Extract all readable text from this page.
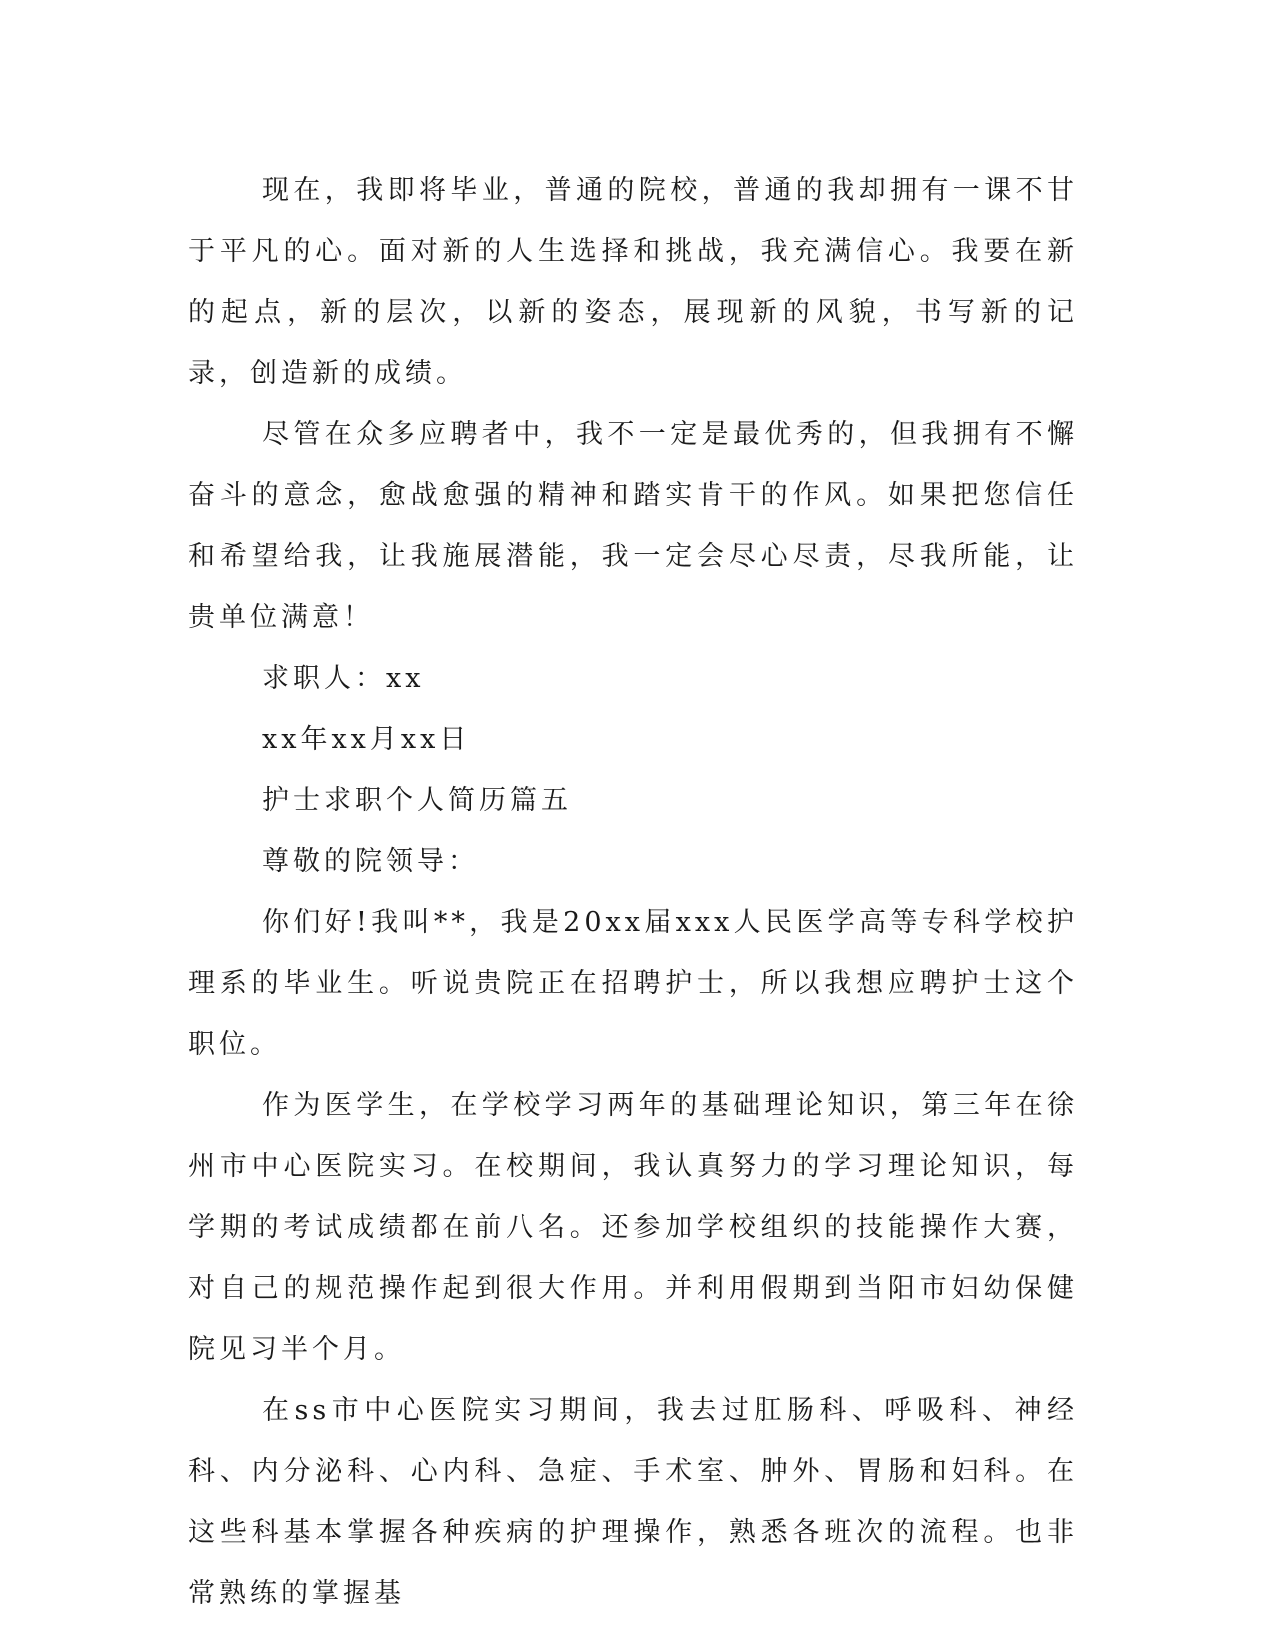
现在，我即将毕业，普通的院校，普通的我却拥有一课不甘于平凡的心。面对新的人生选择和挑战，我充满信心。我要在新的起点，新的层次，以新的姿态，展现新的风貌，书写新的记录，创造新的成绩。

尽管在众多应聘者中，我不一定是最优秀的，但我拥有不懈奋斗的意念，愈战愈强的精神和踏实肯干的作风。如果把您信任和希望给我，让我施展潜能，我一定会尽心尽责，尽我所能，让贵单位满意！

求职人：xx

xx年xx月xx日

护士求职个人简历篇五

尊敬的院领导：

你们好!我叫**，我是20xx届xxx人民医学高等专科学校护理系的毕业生。听说贵院正在招聘护士，所以我想应聘护士这个职位。

作为医学生，在学校学习两年的基础理论知识，第三年在徐州市中心医院实习。在校期间，我认真努力的学习理论知识，每学期的考试成绩都在前八名。还参加学校组织的技能操作大赛，对自己的规范操作起到很大作用。并利用假期到当阳市妇幼保健院见习半个月。

在ss市中心医院实习期间，我去过肛肠科、呼吸科、神经科、内分泌科、心内科、急症、手术室、肿外、胃肠和妇科。在这些科基本掌握各种疾病的护理操作，熟悉各班次的流程。也非常熟练的掌握基
